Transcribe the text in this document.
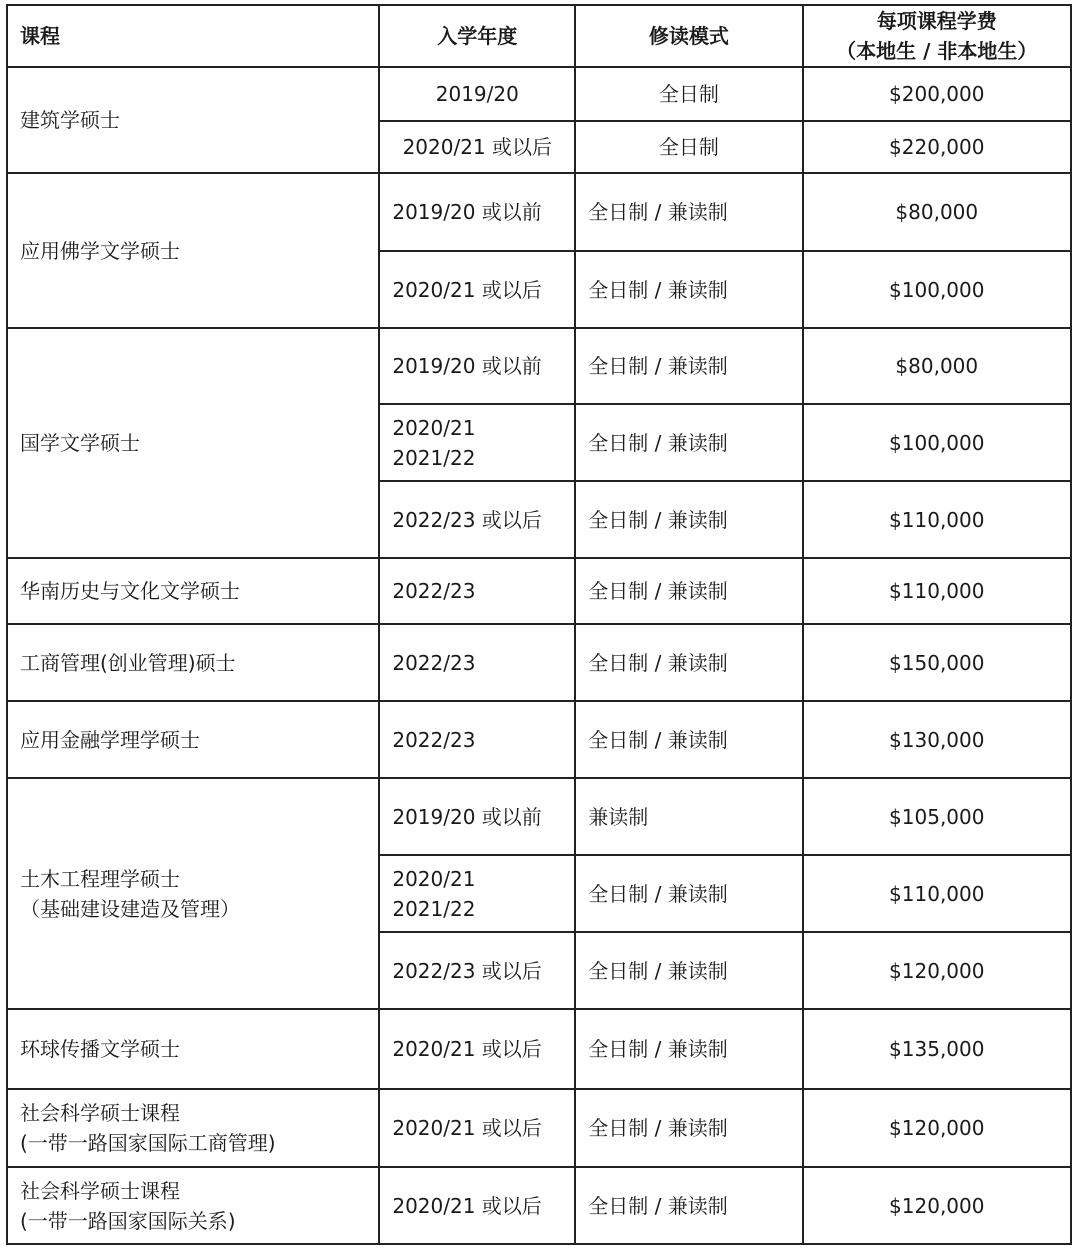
课程	入学年度	修读模式	每项课程学费
（本地生 / 非本地生）

建筑学硕士	2019/20	全日制	$200,000

	2020/21 或以后	全日制	$220,000

应用佛学文学硕士	2019/20 或以前	全日制 / 兼读制	$80,000

	2020/21 或以后	全日制 / 兼读制	$100,000

国学文学硕士	2019/20 或以前	全日制 / 兼读制	$80,000

	2020/21
2021/22	全日制 / 兼读制	$100,000

	2022/23 或以后	全日制 / 兼读制	$110,000

华南历史与文化文学硕士	2022/23	全日制 / 兼读制	$110,000

工商管理(创业管理)硕士	2022/23	全日制 / 兼读制	$150,000

应用金融学理学硕士	2022/23	全日制 / 兼读制	$130,000

土木工程理学硕士
（基础建设建造及管理）	2019/20 或以前	兼读制	$105,000

	2020/21
2021/22	全日制 / 兼读制	$110,000

	2022/23 或以后	全日制 / 兼读制	$120,000

环球传播文学硕士	2020/21 或以后	全日制 / 兼读制	$135,000

社会科学硕士课程
(一带一路国家国际工商管理)	2020/21 或以后	全日制 / 兼读制	$120,000

社会科学硕士课程
(一带一路国家国际关系)	2020/21 或以后	全日制 / 兼读制	$120,000
